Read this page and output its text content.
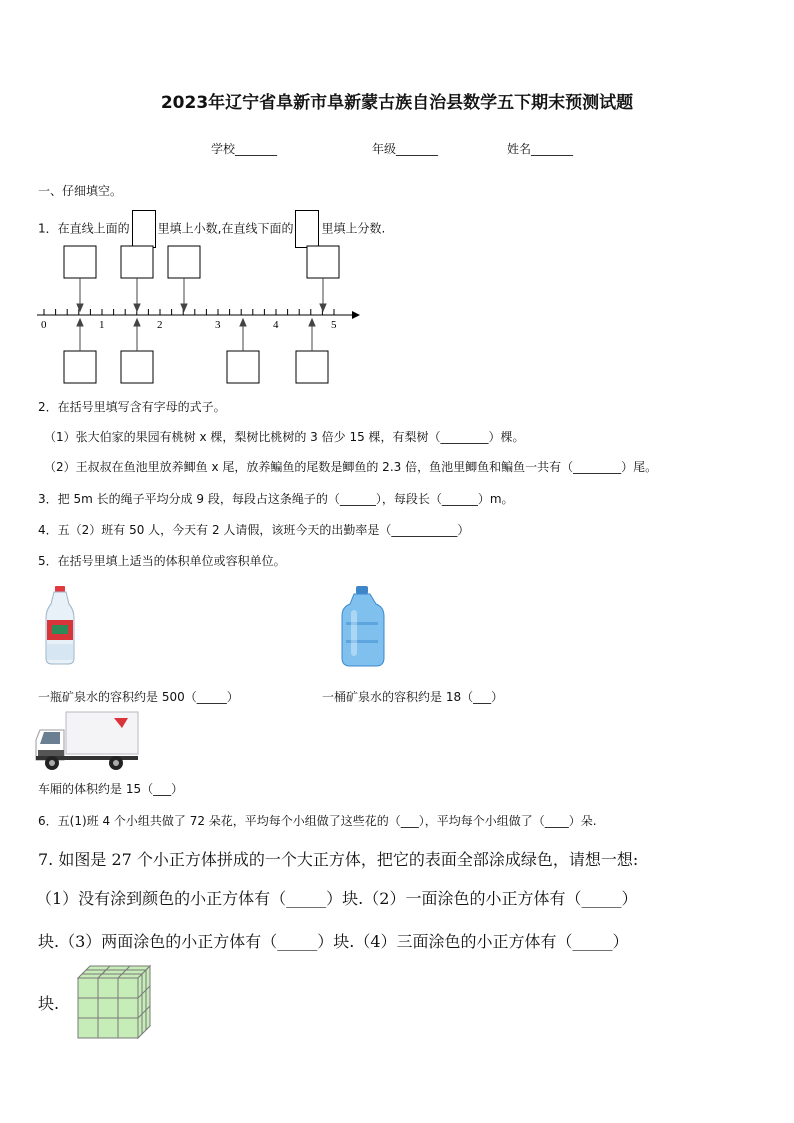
2023年辽宁省阜新市阜新蒙古族自治县数学五下期末预测试题
学校_______	年级_______	姓名_______
一、仔细填空。
1．在直线上面的 里填上小数,在直线下面的 里填上分数.
0	1	2	3	4	5
2．在括号里填写含有字母的式子。
（1）张大伯家的果园有桃树 x 棵，梨树比桃树的 3 倍少 15 棵，有梨树（________）棵。
（2）王叔叔在鱼池里放养鲫鱼 x 尾，放养鳊鱼的尾数是鲫鱼的 2.3 倍，鱼池里鲫鱼和鳊鱼一共有（________）尾。
3．把 5m 长的绳子平均分成 9 段，每段占这条绳子的（______），每段长（______）m。
4．五（2）班有 50 人，今天有 2 人请假，该班今天的出勤率是（___________）
5．在括号里填上适当的体积单位或容积单位。
一瓶矿泉水的容积约是 500（_____）	一桶矿泉水的容积约是 18（___）
车厢的体积约是 15（___）
6．五(1)班 4 个小组共做了 72 朵花，平均每个小组做了这些花的（___），平均每个小组做了（____）朵.
7. 如图是 27 个小正方体拼成的一个大正方体，把它的表面全部涂成绿色，请想一想:
（1）没有涂到颜色的小正方体有（_____）块.（2）一面涂色的小正方体有（_____）
块.（3）两面涂色的小正方体有（_____）块.（4）三面涂色的小正方体有（_____）
块.
